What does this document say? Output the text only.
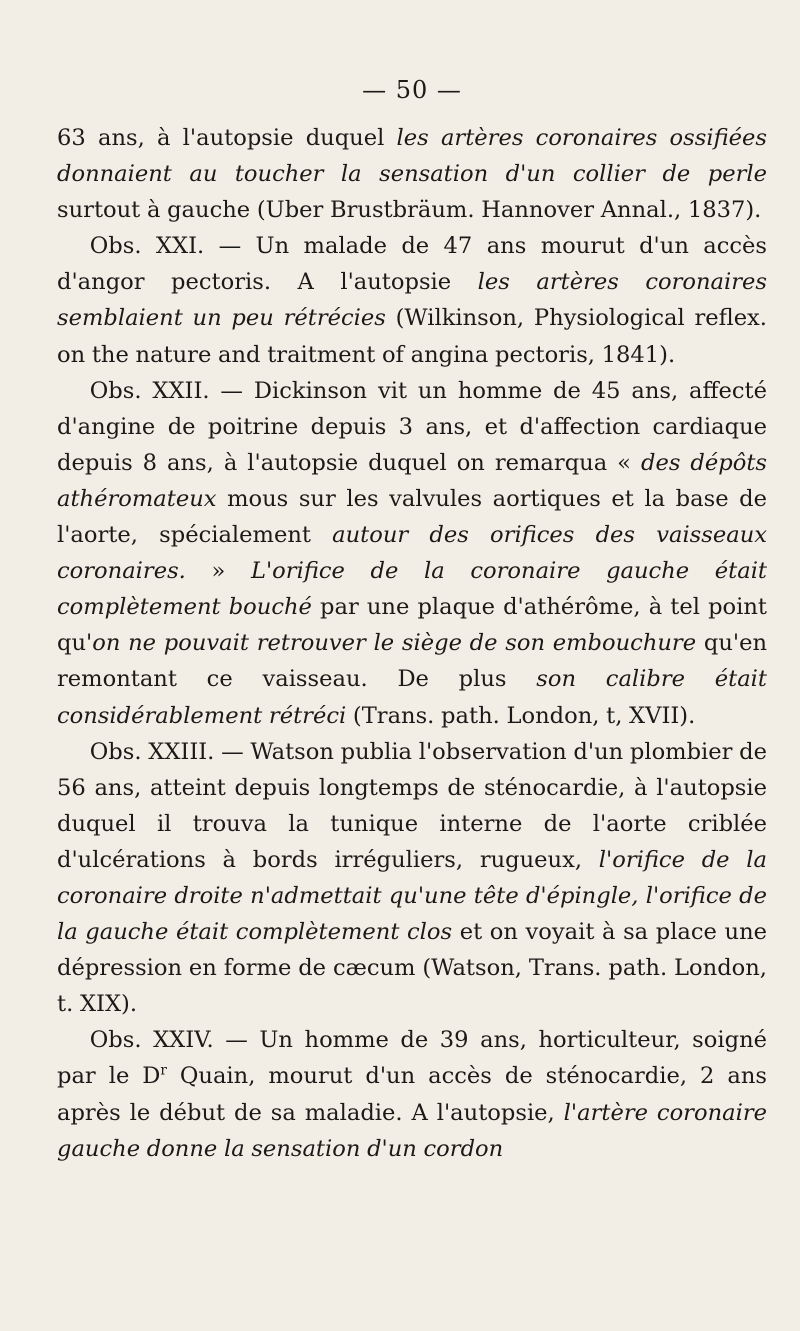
— 50 —

63 ans, à l'autopsie duquel les artères coronaires ossifiées donnaient au toucher la sensation d'un collier de perle surtout à gauche (Uber Brustbräum. Hannover Annal., 1837).

Obs. XXI. — Un malade de 47 ans mourut d'un accès d'angor pectoris. A l'autopsie les artères coronaires semblaient un peu rétrécies (Wilkinson, Physiological reflex. on the nature and traitment of angina pectoris, 1841).

Obs. XXII. — Dickinson vit un homme de 45 ans, affecté d'angine de poitrine depuis 3 ans, et d'affection cardiaque depuis 8 ans, à l'autopsie duquel on remarqua « des dépôts athéromateux mous sur les valvules aortiques et la base de l'aorte, spécialement autour des orifices des vaisseaux coronaires. » L'orifice de la coronaire gauche était complètement bouché par une plaque d'athérôme, à tel point qu'on ne pouvait retrouver le siège de son embouchure qu'en remontant ce vaisseau. De plus son calibre était considérablement rétréci (Trans. path. London, t, XVII).

Obs. XXIII. — Watson publia l'observation d'un plombier de 56 ans, atteint depuis longtemps de sténocardie, à l'autopsie duquel il trouva la tunique interne de l'aorte criblée d'ulcérations à bords irréguliers, rugueux, l'orifice de la coronaire droite n'admettait qu'une tête d'épingle, l'orifice de la gauche était complètement clos et on voyait à sa place une dépression en forme de cæcum (Watson, Trans. path. London, t. XIX).

Obs. XXIV. — Un homme de 39 ans, horticulteur, soigné par le $D^r$ Quain, mourut d'un accès de sténocardie, 2 ans après le début de sa maladie. A l'autopsie, l'artère coronaire gauche donne la sensation d'un cordon
